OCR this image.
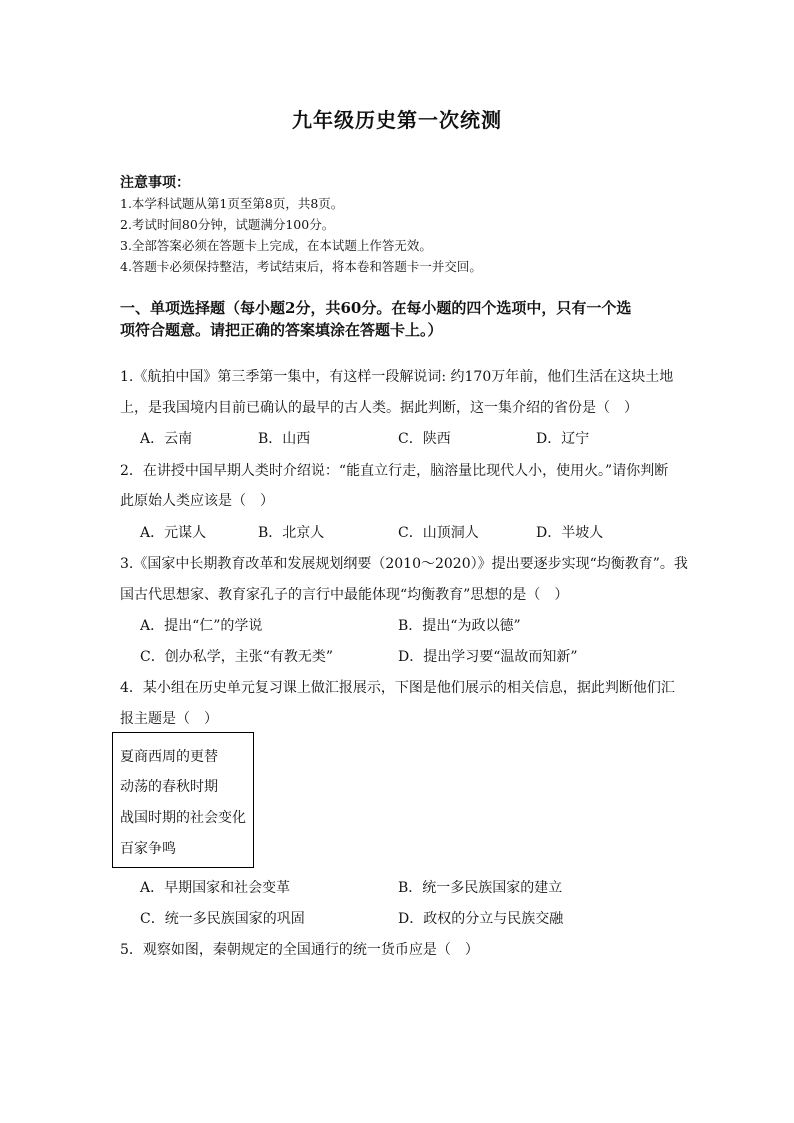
九年级历史第一次统测
注意事项：
1.本学科试题从第1页至第8页，共8页。
2.考试时间80分钟，试题满分100分。
3.全部答案必须在答题卡上完成，在本试题上作答无效。
4.答题卡必须保持整洁，考试结束后，将本卷和答题卡一并交回。
一、单项选择题（每小题2分，共60分。在每小题的四个选项中，只有一个选
项符合题意。请把正确的答案填涂在答题卡上。）
1.《航拍中国》第三季第一集中，有这样一段解说词: 约170万年前，他们生活在这块土地
上，是我国境内目前已确认的最早的古人类。据此判断，这一集介绍的省份是（　）
A．云南	B．山西	C．陕西	D．辽宁
2．在讲授中国早期人类时介绍说：“能直立行走，脑溶量比现代人小，使用火。”请你判断
此原始人类应该是（　）
A．元谋人	B．北京人	C．山顶洞人	D．半坡人
3.《国家中长期教育改革和发展规划纲要（2010～2020）》提出要逐步实现“均衡教育”。我
国古代思想家、教育家孔子的言行中最能体现“均衡教育”思想的是（　）
A．提出“仁”的学说	B．提出“为政以德”
C．创办私学，主张“有教无类”	D．提出学习要“温故而知新”
4．某小组在历史单元复习课上做汇报展示，下图是他们展示的相关信息，据此判断他们汇
报主题是（　）
夏商西周的更替
动荡的春秋时期
战国时期的社会变化
百家争鸣
A．早期国家和社会变革	B．统一多民族国家的建立
C．统一多民族国家的巩固	D．政权的分立与民族交融
5．观察如图，秦朝规定的全国通行的统一货币应是（　）
